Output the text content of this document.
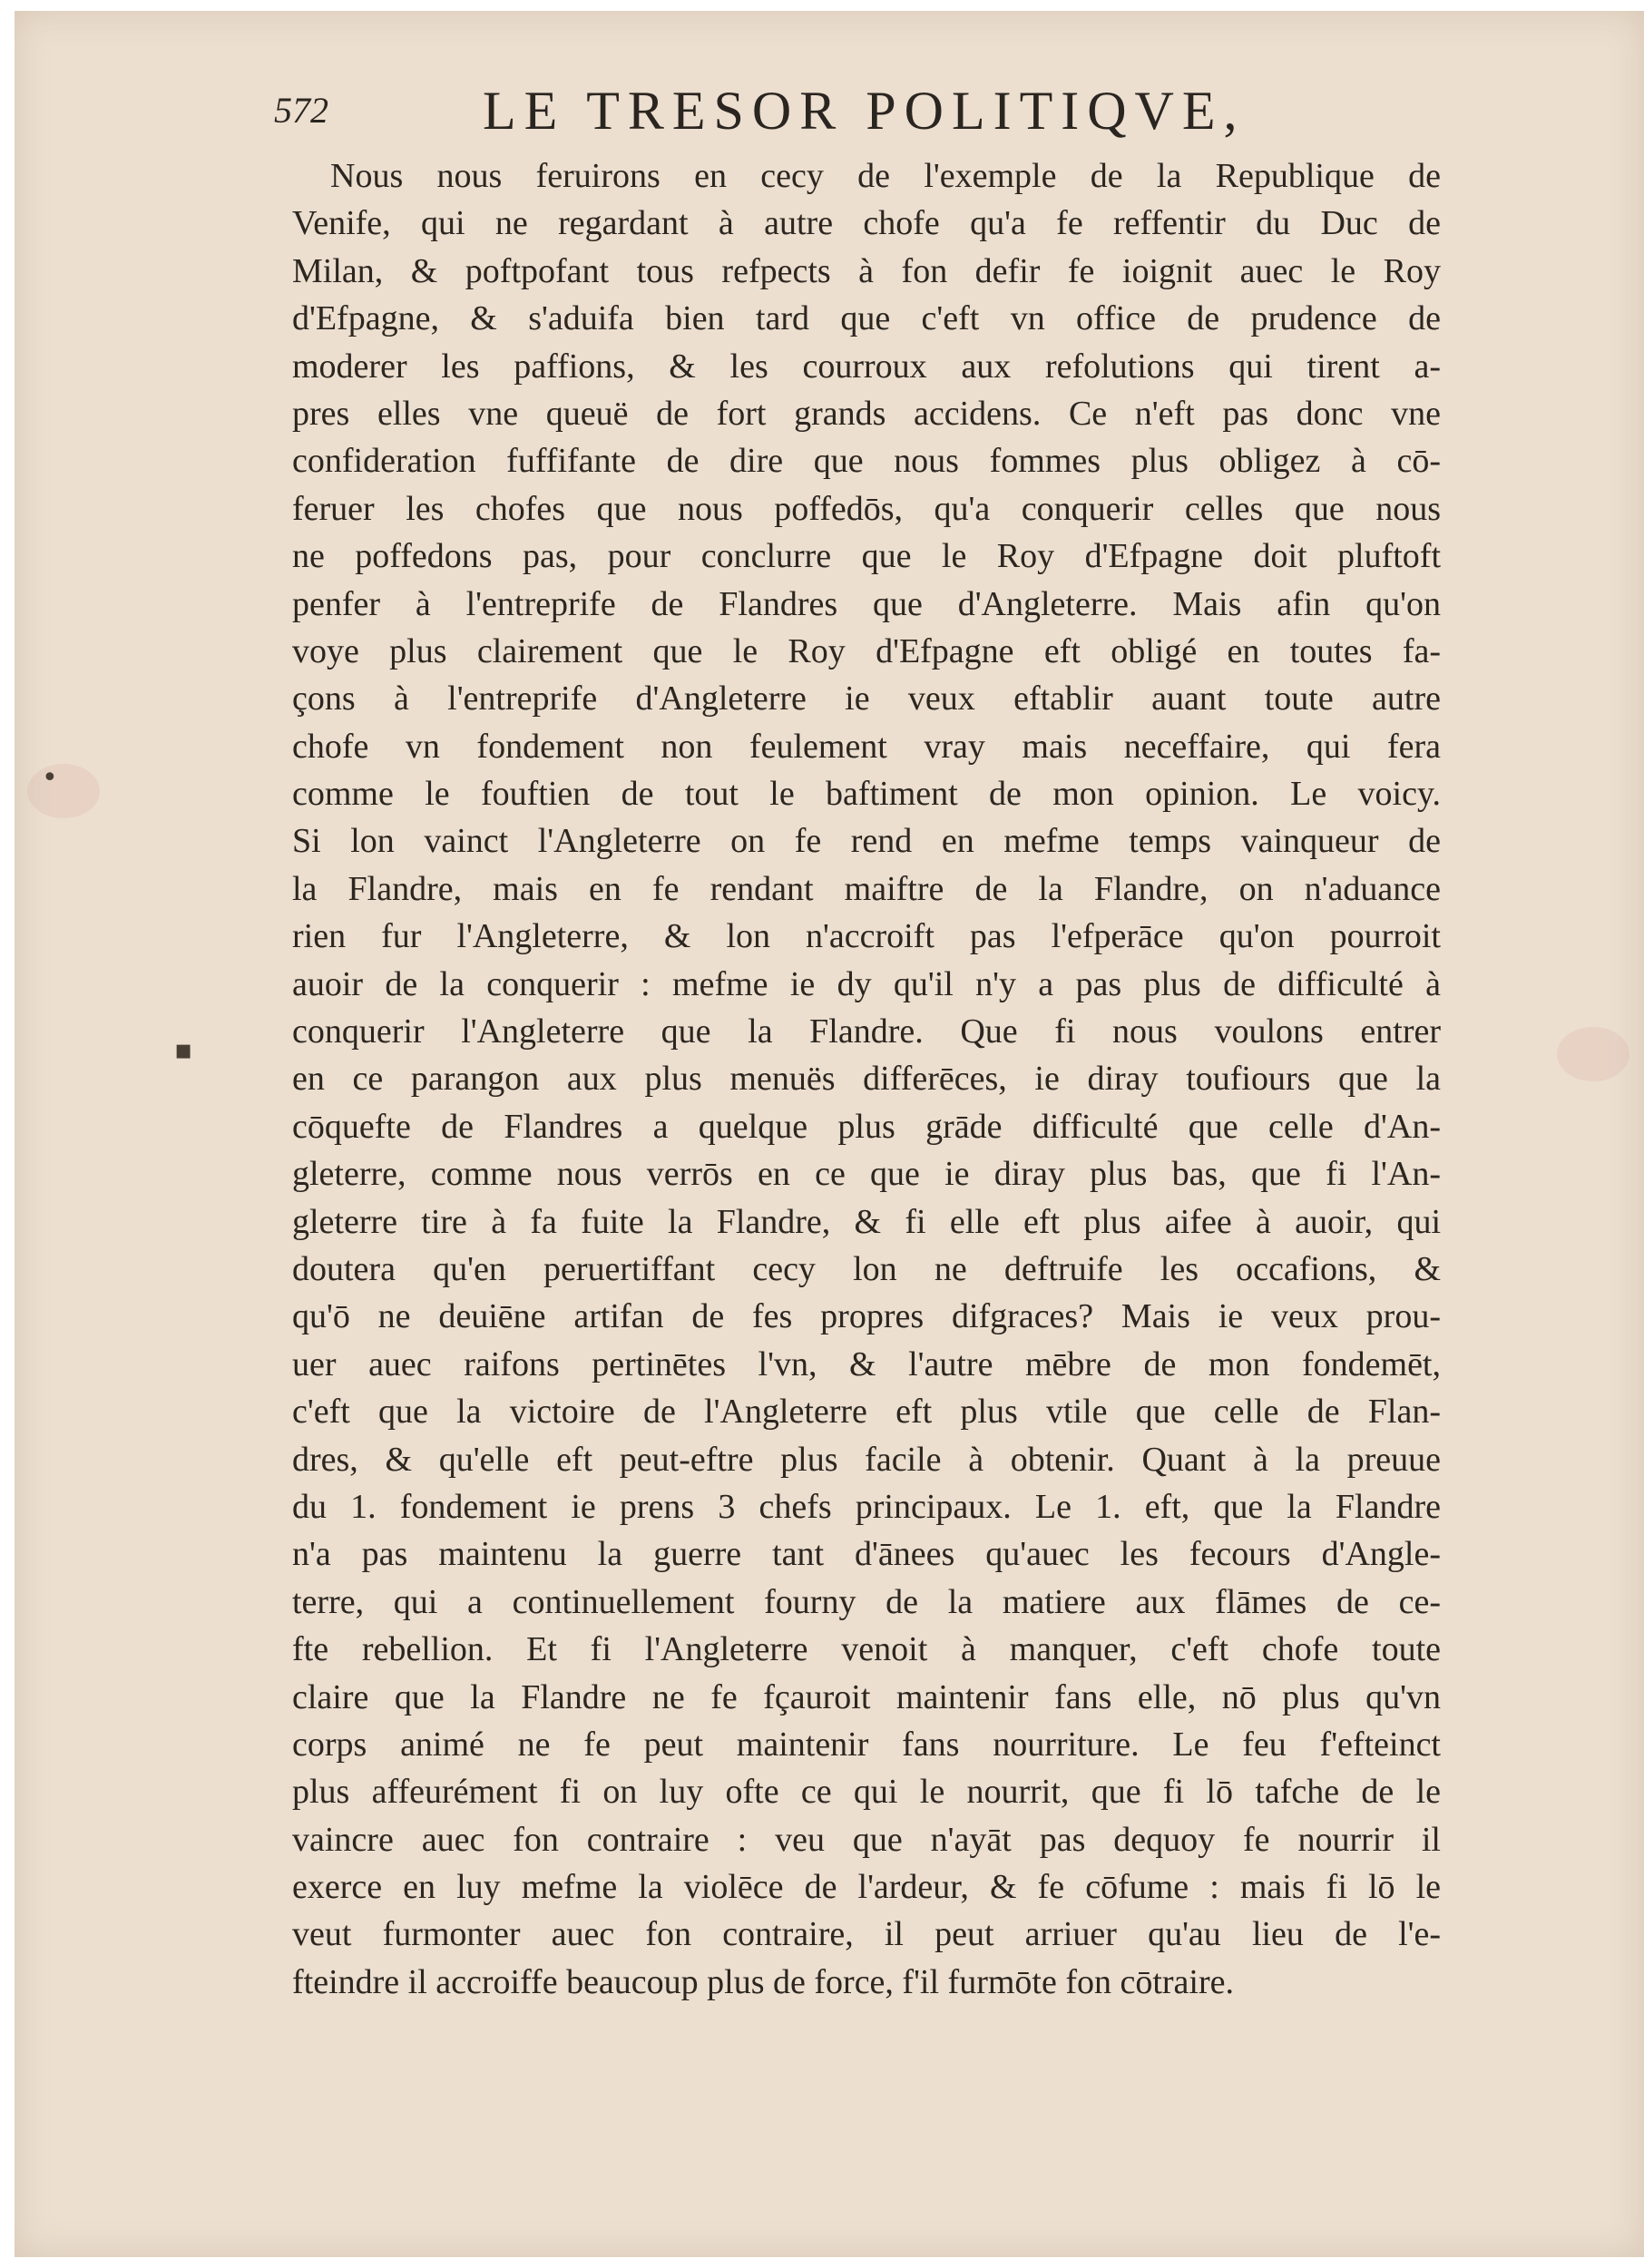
•
▪
572	LE TRESOR POLITIQVE,
Nous nous feruirons en cecy de l'exemple de la Republique de
Venife, qui ne regardant à autre chofe qu'a fe reffentir du Duc de
Milan, & poftpofant tous refpects à fon defir fe ioignit auec le Roy
d'Efpagne, & s'aduifa bien tard que c'eft vn office de prudence de
moderer les paffions, & les courroux aux refolutions qui tirent a-
pres elles vne queuë de fort grands accidens. Ce n'eft pas donc vne
confideration fuffifante de dire que nous fommes plus obligez à cō-
feruer les chofes que nous poffedōs, qu'a conquerir celles que nous
ne poffedons pas, pour conclurre que le Roy d'Efpagne doit pluftoft
penfer à l'entreprife de Flandres que d'Angleterre. Mais afin qu'on
voye plus clairement que le Roy d'Efpagne eft obligé en toutes fa-
çons à l'entreprife d'Angleterre ie veux eftablir auant toute autre
chofe vn fondement non feulement vray mais neceffaire, qui fera
comme le fouftien de tout le baftiment de mon opinion. Le voicy.
Si lon vainct l'Angleterre on fe rend en mefme temps vainqueur de
la Flandre, mais en fe rendant maiftre de la Flandre, on n'aduance
rien fur l'Angleterre, & lon n'accroift pas l'efperāce qu'on pourroit
auoir de la conquerir : mefme ie dy qu'il n'y a pas plus de difficulté à
conquerir l'Angleterre que la Flandre. Que fi nous voulons entrer
en ce parangon aux plus menuës differēces, ie diray toufiours que la
cōquefte de Flandres a quelque plus grāde difficulté que celle d'An-
gleterre, comme nous verrōs en ce que ie diray plus bas, que fi l'An-
gleterre tire à fa fuite la Flandre, & fi elle eft plus aifee à auoir, qui
doutera qu'en peruertiffant cecy lon ne deftruife les occafions, &
qu'ō ne deuiēne artifan de fes propres difgraces? Mais ie veux prou-
uer auec raifons pertinētes l'vn, & l'autre mēbre de mon fondemēt,
c'eft que la victoire de l'Angleterre eft plus vtile que celle de Flan-
dres, & qu'elle eft peut-eftre plus facile à obtenir. Quant à la preuue
du 1. fondement ie prens 3 chefs principaux. Le 1. eft, que la Flandre
n'a pas maintenu la guerre tant d'ānees qu'auec les fecours d'Angle-
terre, qui a continuellement fourny de la matiere aux flāmes de ce-
fte rebellion. Et fi l'Angleterre venoit à manquer, c'eft chofe toute
claire que la Flandre ne fe fçauroit maintenir fans elle, nō plus qu'vn
corps animé ne fe peut maintenir fans nourriture. Le feu f'efteinct
plus affeurément fi on luy ofte ce qui le nourrit, que fi lō tafche de le
vaincre auec fon contraire : veu que n'ayāt pas dequoy fe nourrir il
exerce en luy mefme la violēce de l'ardeur, & fe cōfume : mais fi lō le
veut furmonter auec fon contraire, il peut arriuer qu'au lieu de l'e-
fteindre il accroiffe beaucoup plus de force, f'il furmōte fon cōtraire.
